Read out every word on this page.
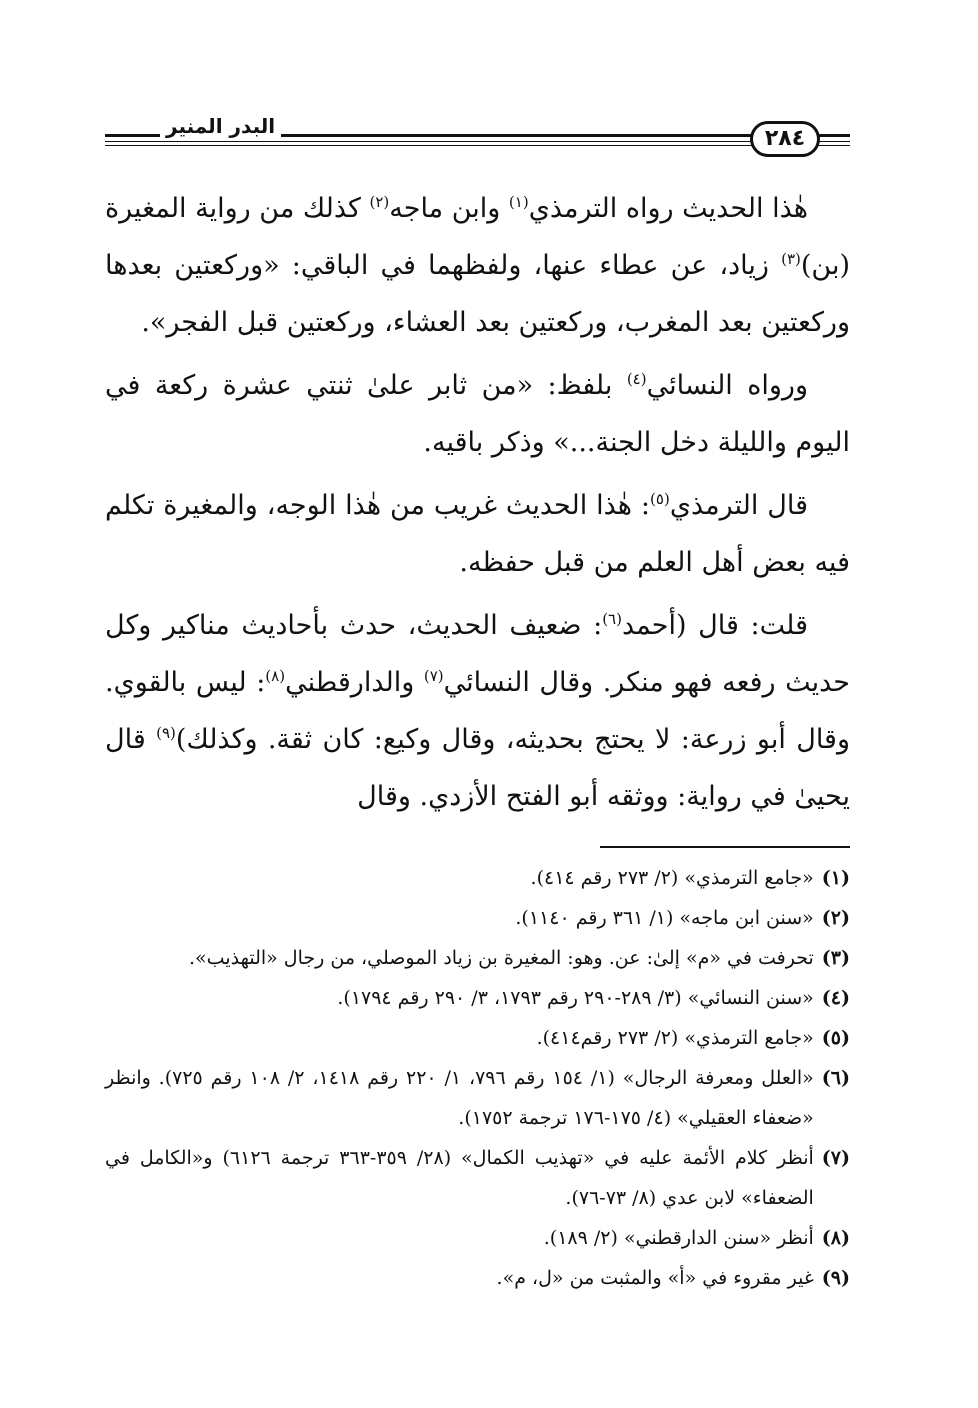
البدر المنير	٢٨٤

هٰذا الحديث رواه الترمذي$^{(١)}$ وابن ماجه$^{(٢)}$ كذلك من رواية المغيرة (بن)$^{(٣)}$ زياد، عن عطاء عنها، ولفظهما في الباقي: «وركعتين بعدها وركعتين بعد المغرب، وركعتين بعد العشاء، وركعتين قبل الفجر».

ورواه النسائي$^{(٤)}$ بلفظ: «من ثابر علىٰ ثنتي عشرة ركعة في اليوم والليلة دخل الجنة...» وذكر باقيه.

قال الترمذي$^{(٥)}$: هٰذا الحديث غريب من هٰذا الوجه، والمغيرة تكلم فيه بعض أهل العلم من قبل حفظه.

قلت: قال (أحمد$^{(٦)}$: ضعيف الحديث، حدث بأحاديث مناكير وكل حديث رفعه فهو منكر. وقال النسائي$^{(٧)}$ والدارقطني$^{(٨)}$: ليس بالقوي. وقال أبو زرعة: لا يحتج بحديثه، وقال وكيع: كان ثقة. وكذلك)$^{(٩)}$ قال يحيىٰ في رواية: ووثقه أبو الفتح الأزدي. وقال

(١)
«جامع الترمذي» (٢/ ٢٧٣ رقم ٤١٤).
(٢)
«سنن ابن ماجه» (١/ ٣٦١ رقم ١١٤٠).
(٣)
تحرفت في «م» إلىٰ: عن. وهو: المغيرة بن زياد الموصلي، من رجال «التهذيب».
(٤)
«سنن النسائي» (٣/ ٢٨٩-٢٩٠ رقم ١٧٩٣، ٣/ ٢٩٠ رقم ١٧٩٤).
(٥)
«جامع الترمذي» (٢/ ٢٧٣ رقم٤١٤).
(٦)
«العلل ومعرفة الرجال» (١/ ١٥٤ رقم ٧٩٦، ١/ ٢٢٠ رقم ١٤١٨، ٢/ ١٠٨ رقم ٧٢٥). وانظر «ضعفاء العقيلي» (٤/ ١٧٥-١٧٦ ترجمة ١٧٥٢).
(٧)
أنظر كلام الأئمة عليه في «تهذيب الكمال» (٢٨/ ٣٥٩-٣٦٣ ترجمة ٦١٢٦) و«الكامل في الضعفاء» لابن عدي (٨/ ٧٣-٧٦).
(٨)
أنظر «سنن الدارقطني» (٢/ ١٨٩).
(٩)
غير مقروء في «أ» والمثبت من «ل، م».
